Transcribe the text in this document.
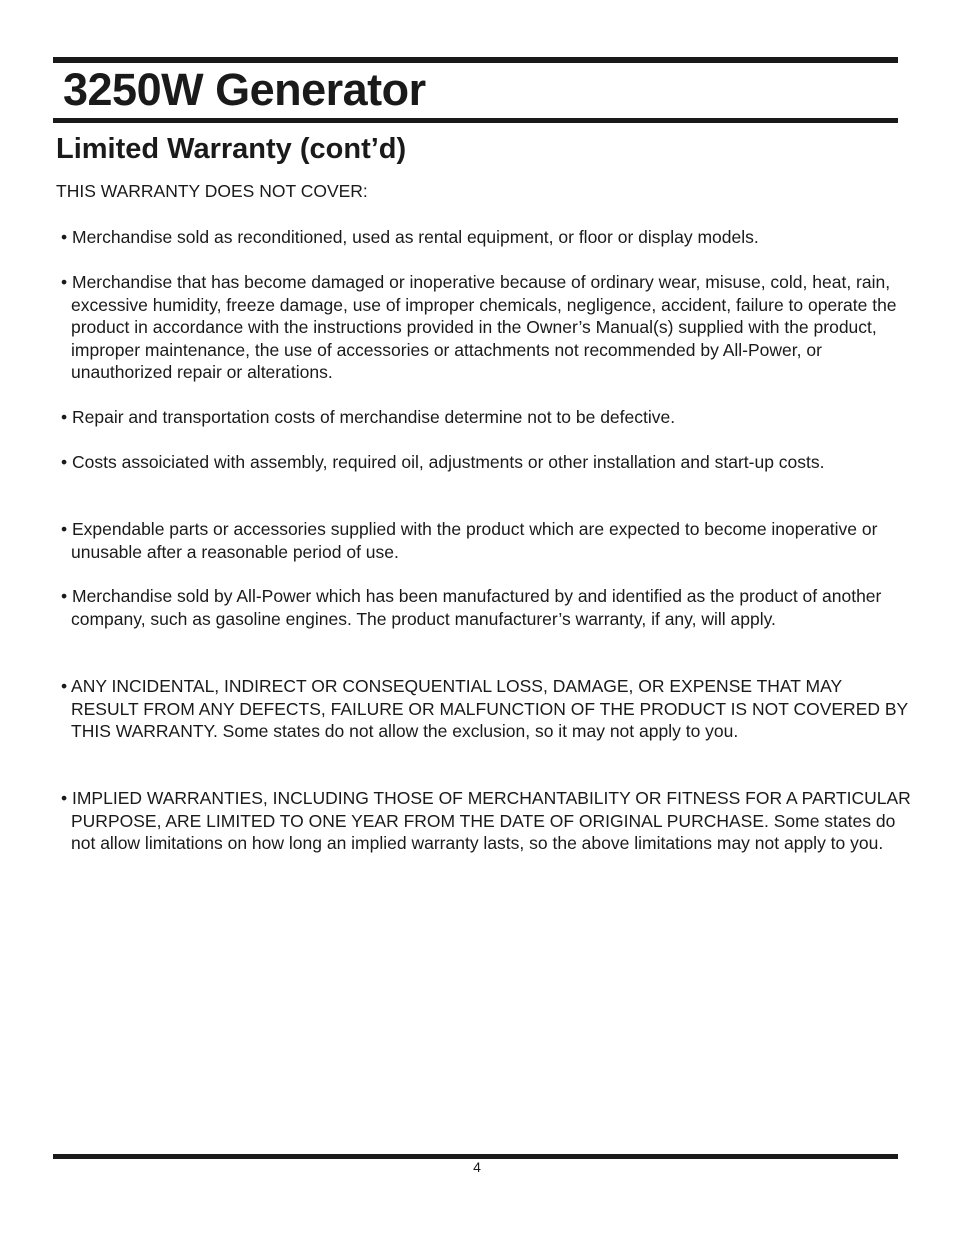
3250W Generator
Limited Warranty (cont’d)

THIS WARRANTY DOES NOT COVER:

• Merchandise sold as reconditioned, used as rental equipment, or floor or display models.

• Merchandise that has become damaged or inoperative because of ordinary wear, misuse, cold, heat, rain, excessive humidity, freeze damage, use of improper chemicals, negligence, accident, failure to operate the product in accordance with the instructions provided in the Owner’s Manual(s) supplied with the product, improper maintenance, the use of accessories or attachments not recommended by All-Power, or unauthorized repair or alterations.

• Repair and transportation costs of merchandise determine not to be defective.

• Costs assoiciated with assembly, required oil, adjustments or other installation and start-up costs.

• Expendable parts or accessories supplied with the product which are expected to become inoperative or unusable after a reasonable period of use.

• Merchandise sold by All-Power which has been manufactured by and identified as the product of another company, such as gasoline engines. The product manufacturer’s warranty, if any, will apply.

• ANY INCIDENTAL, INDIRECT OR CONSEQUENTIAL LOSS, DAMAGE, OR EXPENSE THAT MAY RESULT FROM ANY DEFECTS, FAILURE OR MALFUNCTION OF THE PRODUCT IS NOT COVERED BY THIS WARRANTY. Some states do not allow the exclusion, so it may not apply to you.

• IMPLIED WARRANTIES, INCLUDING THOSE OF MERCHANTABILITY OR FITNESS FOR A PARTICULAR PURPOSE, ARE LIMITED TO ONE YEAR FROM THE DATE OF ORIGINAL PURCHASE. Some states do not allow limitations on how long an implied warranty lasts, so the above limitations may not apply to you.

4
